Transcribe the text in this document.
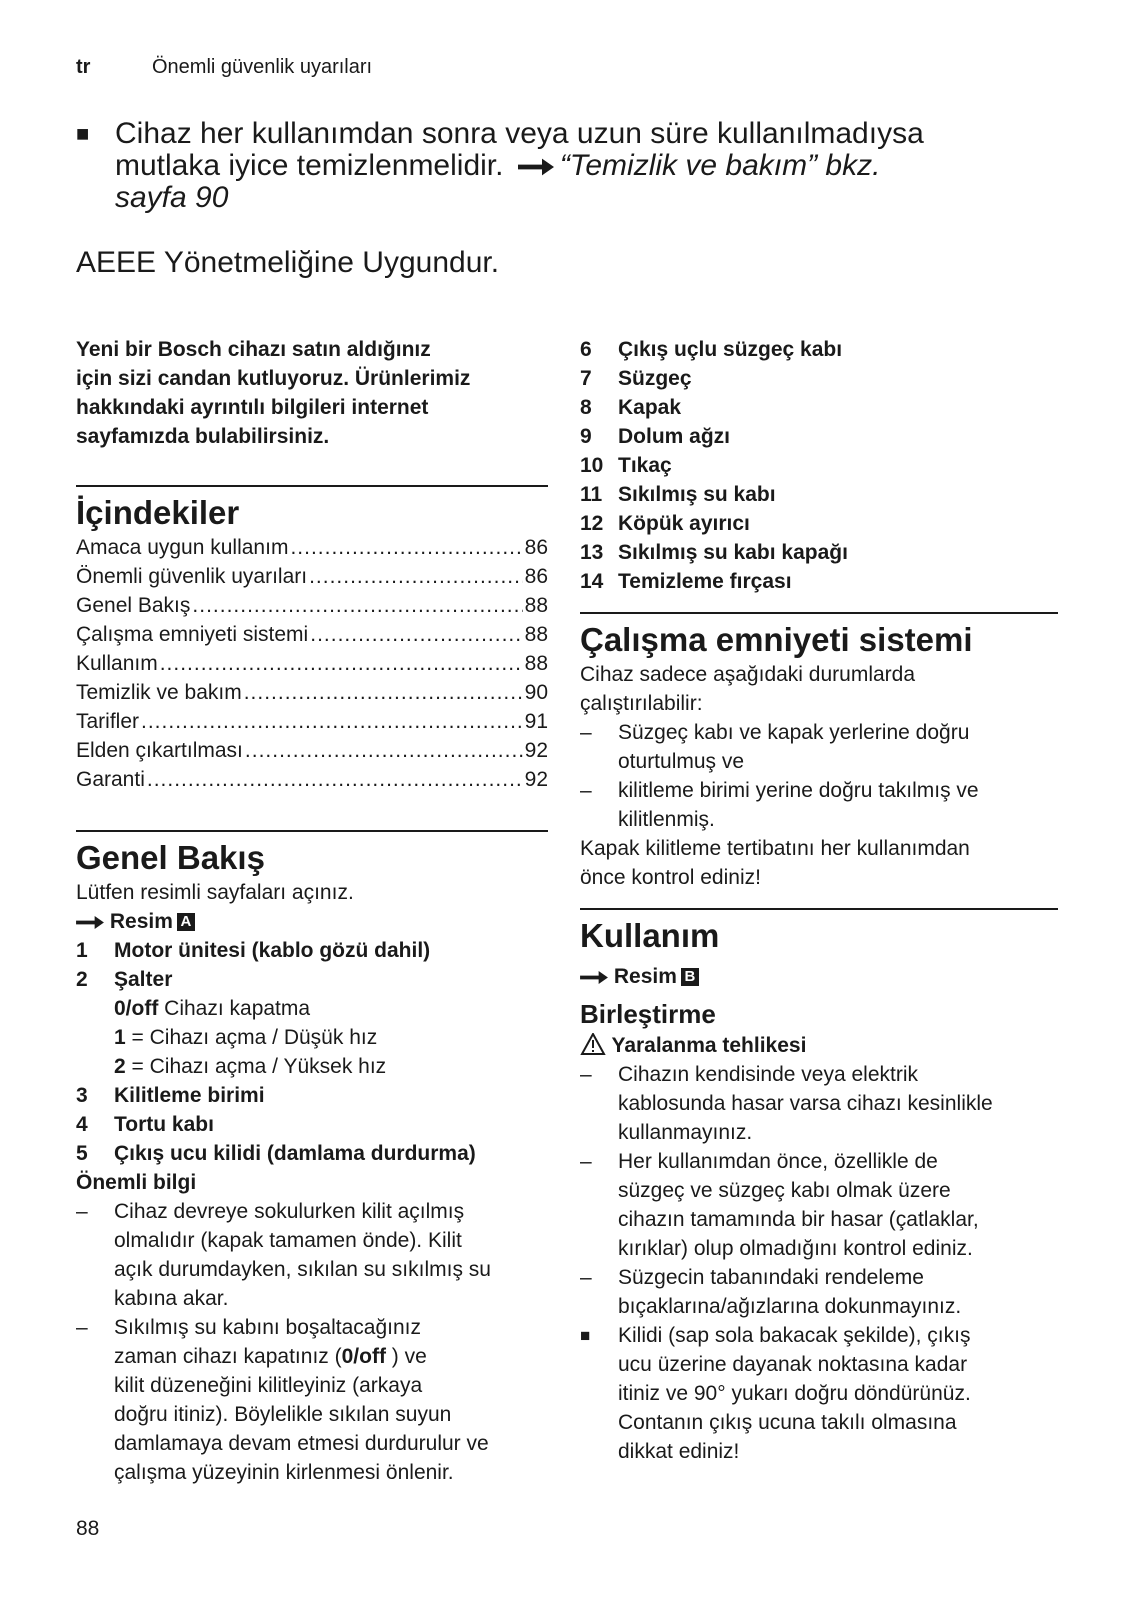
tr	Önemli güvenlik uyarıları
■ Cihaz her kullanımdan sonra veya uzun süre kullanılmadıysa
mutlaka iyice temizlenmelidir. “Temizlik ve bakım” bkz.
sayfa 90
AEEE Yönetmeliğine Uygundur.
Yeni bir Bosch cihazı satın aldığınız
için sizi candan kutluyoruz. Ürünlerimiz
hakkındaki ayrıntılı bilgileri internet
sayfamızda bulabilirsiniz.
İçindekiler
Amaca uygun kullanım .....	86
Önemli güvenlik uyarıları .....	86
Genel Bakış .....	88
Çalışma emniyeti sistemi .....	88
Kullanım .....	88
Temizlik ve bakım .....	90
Tarifler .....	91
Elden çıkartılması .....	92
Garanti .....	92
Genel Bakış
Lütfen resimli sayfaları açınız.
Resim A
1	Motor ünitesi (kablo gözü dahil)
2	Şalter
0/off Cihazı kapatma
1 = Cihazı açma / Düşük hız
2 = Cihazı açma / Yüksek hız
3	Kilitleme birimi
4	Tortu kabı
5	Çıkış ucu kilidi (damlama durdurma)
Önemli bilgi
–	Cihaz devreye sokulurken kilit açılmış
olmalıdır (kapak tamamen önde). Kilit
açık durumdayken, sıkılan su sıkılmış su
kabına akar.
–	Sıkılmış su kabını boşaltacağınız
zaman cihazı kapatınız (0/off ) ve
kilit düzeneğini kilitleyiniz (arkaya
doğru itiniz). Böylelikle sıkılan suyun
damlamaya devam etmesi durdurulur ve
çalışma yüzeyinin kirlenmesi önlenir.
6	Çıkış uçlu süzgeç kabı
7	Süzgeç
8	Kapak
9	Dolum ağzı
10 Tıkaç
11 Sıkılmış su kabı
12 Köpük ayırıcı
13 Sıkılmış su kabı kapağı
14 Temizleme fırçası
Çalışma emniyeti sistemi
Cihaz sadece aşağıdaki durumlarda
çalıştırılabilir:
–	Süzgeç kabı ve kapak yerlerine doğru
oturtulmuş ve
–	kilitleme birimi yerine doğru takılmış ve
kilitlenmiş.
Kapak kilitleme tertibatını her kullanımdan
önce kontrol ediniz!
Kullanım
Resim B
Birleştirme
Yaralanma tehlikesi
–	Cihazın kendisinde veya elektrik
kablosunda hasar varsa cihazı kesinlikle
kullanmayınız.
–	Her kullanımdan önce, özellikle de
süzgeç ve süzgeç kabı olmak üzere
cihazın tamamında bir hasar (çatlaklar,
kırıklar) olup olmadığını kontrol ediniz.
–	Süzgecin tabanındaki rendeleme
bıçaklarına/ağızlarına dokunmayınız.
■	Kilidi (sap sola bakacak şekilde), çıkış
ucu üzerine dayanak noktasına kadar
itiniz ve 90° yukarı doğru döndürünüz.
Contanın çıkış ucuna takılı olmasına
dikkat ediniz!
88
